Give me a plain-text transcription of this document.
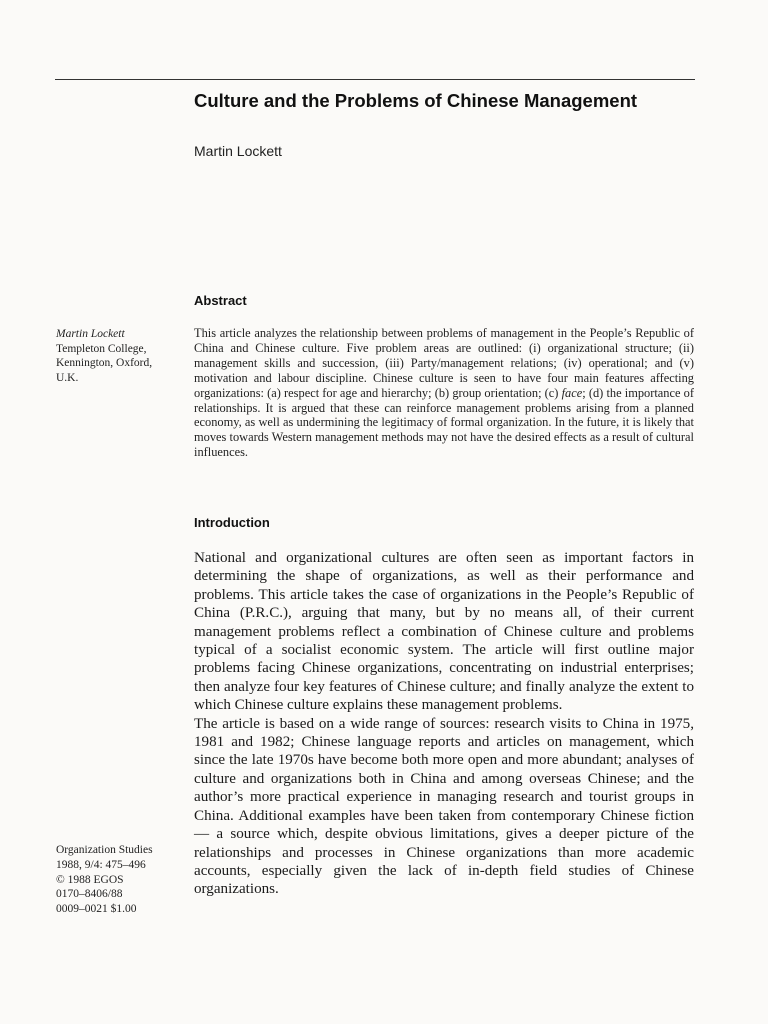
Culture and the Problems of Chinese Management
Martin Lockett
Abstract
Martin Lockett
Templeton College,
Kennington, Oxford,
U.K.

This article analyzes the relationship between problems of management in the People’s Republic of China and Chinese culture. Five problem areas are outlined: (i) organizational structure; (ii) management skills and succession, (iii) Party/management relations; (iv) operational; and (v) motivation and labour discipline. Chinese culture is seen to have four main features affecting organizations: (a) respect for age and hierarchy; (b) group orientation; (c) face; (d) the importance of relationships. It is argued that these can reinforce management problems arising from a planned economy, as well as undermining the legitimacy of formal organization. In the future, it is likely that moves towards Western management methods may not have the desired effects as a result of cultural influences.

Introduction

National and organizational cultures are often seen as important factors in determining the shape of organizations, as well as their performance and problems. This article takes the case of organizations in the People’s Republic of China (P.R.C.), arguing that many, but by no means all, of their current management problems reflect a combination of Chinese culture and problems typical of a socialist economic system. The article will first outline major problems facing Chinese organizations, concentrating on industrial enterprises; then analyze four key features of Chinese culture; and finally analyze the extent to which Chinese culture explains these management problems.

The article is based on a wide range of sources: research visits to China in 1975, 1981 and 1982; Chinese language reports and articles on management, which since the late 1970s have become both more open and more abundant; analyses of culture and organizations both in China and among overseas Chinese; and the author’s more practical experience in managing research and tourist groups in China. Additional examples have been taken from contemporary Chinese fiction — a source which, despite obvious limitations, gives a deeper picture of the relationships and processes in Chinese organizations than more academic accounts, especially given the lack of in-depth field studies of Chinese organizations.

Organization Studies
1988, 9/4: 475–496
© 1988 EGOS
0170–8406/88
0009–0021 $1.00
